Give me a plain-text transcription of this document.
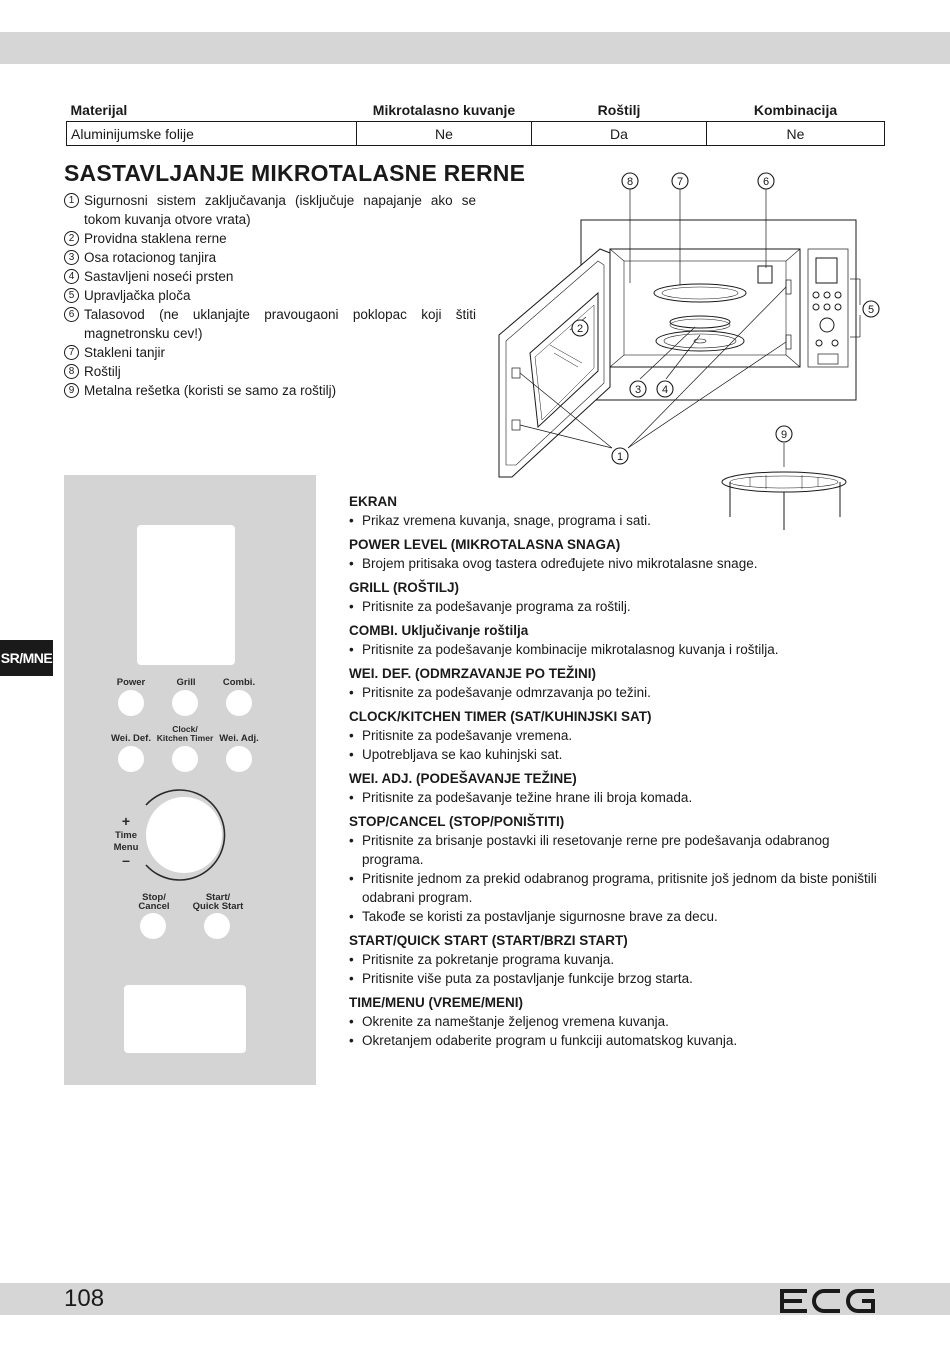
Materijal	Mikrotalasno kuvanje	Roštilj	Kombinacija
Aluminijumske folije	Ne	Da	Ne
SASTAVLJANJE MIKROTALASNE RERNE
1 Sigurnosni sistem zaključavanja (isključuje napajanje ako se tokom kuvanja otvore vrata)
2 Providna staklena rerne
3 Osa rotacionog tanjira
4 Sastavljeni noseći prsten
5 Upravljačka ploča
6 Talasovod (ne uklanjajte pravougaoni poklopac koji štiti magnetronsku cev!)
7 Stakleni tanjir
8 Roštilj
9 Metalna rešetka (koristi se samo za roštilj)
8	7	6
5
2
3 4
1
9
Power	Grill	Combi.
Clock/
Kitchen Timer
Wei. Def.	Wei. Adj.
+
Time
Menu
–
Stop/
Cancel
Start/
Quick Start
SR/MNE
EKRAN
• Prikaz vremena kuvanja, snage, programa i sati.
POWER LEVEL (MIKROTALASNA SNAGA)
• Brojem pritisaka ovog tastera određujete nivo mikrotalasne snage.
GRILL (ROŠTILJ)
• Pritisnite za podešavanje programa za roštilj.
COMBI. Uključivanje roštilja
• Pritisnite za podešavanje kombinacije mikrotalasnog kuvanja i roštilja.
WEI. DEF. (ODMRZAVANJE PO TEŽINI)
• Pritisnite za podešavanje odmrzavanja po težini.
CLOCK/KITCHEN TIMER (SAT/KUHINJSKI SAT)
• Pritisnite za podešavanje vremena.
• Upotrebljava se kao kuhinjski sat.
WEI. ADJ. (PODEŠAVANJE TEŽINE)
• Pritisnite za podešavanje težine hrane ili broja komada.
STOP/CANCEL (STOP/PONIŠTITI)
• Pritisnite za brisanje postavki ili resetovanje rerne pre podešavanja odabranog programa.
• Pritisnite jednom za prekid odabranog programa, pritisnite još jednom da biste poništili odabrani program.
• Takođe se koristi za postavljanje sigurnosne brave za decu.
START/QUICK START (START/BRZI START)
• Pritisnite za pokretanje programa kuvanja.
• Pritisnite više puta za postavljanje funkcije brzog starta.
TIME/MENU (VREME/MENI)
• Okrenite za nameštanje željenog vremena kuvanja.
• Okretanjem odaberite program u funkciji automatskog kuvanja.
108
